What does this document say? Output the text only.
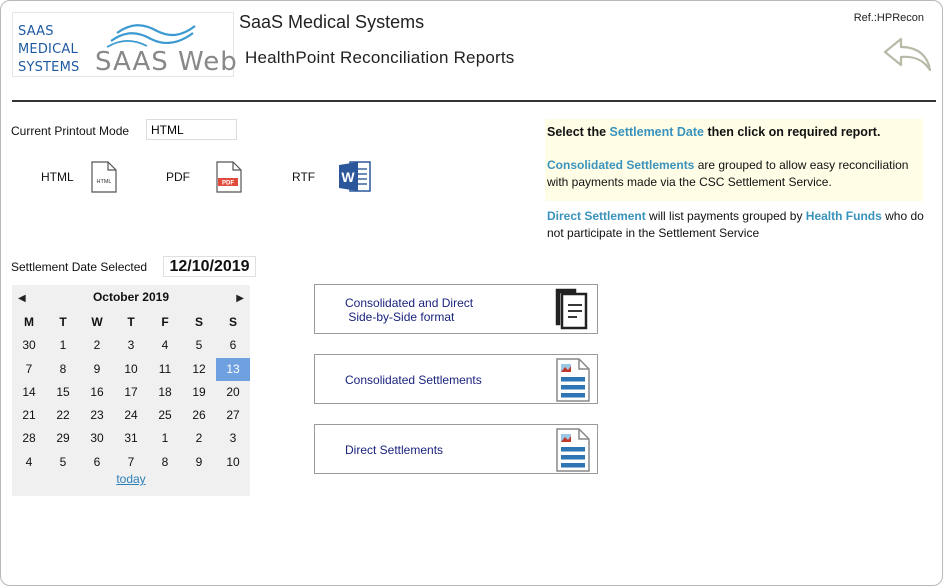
SAAS
MEDICAL
SYSTEMS SAAS Web
SaaS Medical Systems
HealthPoint Reconciliation Reports
Ref.:HPRecon
Current Printout Mode
HTML
HTML	HTML	PDF	PDF	RTF W
Select the Settlement Date then click on required report.
Consolidated Settlements are grouped to allow easy reconciliation with payments made via the CSC Settlement Service.
Direct Settlement will list payments grouped by Health Funds who do not participate in the Settlement Service
Settlement Date Selected	12/10/2019
◀	October 2019	▶
M	T	W	T	F	S	S
30	1	2	3	4	5	6
7	8	9	10	11	12	13
14	15	16	17	18	19	20
21	22	23	24	25	26	27
28	29	30	31	1	2	3
4	5	6	7	8	9	10
today
Consolidated and Direct
Side-by-Side format
Consolidated Settlements
Direct Settlements
